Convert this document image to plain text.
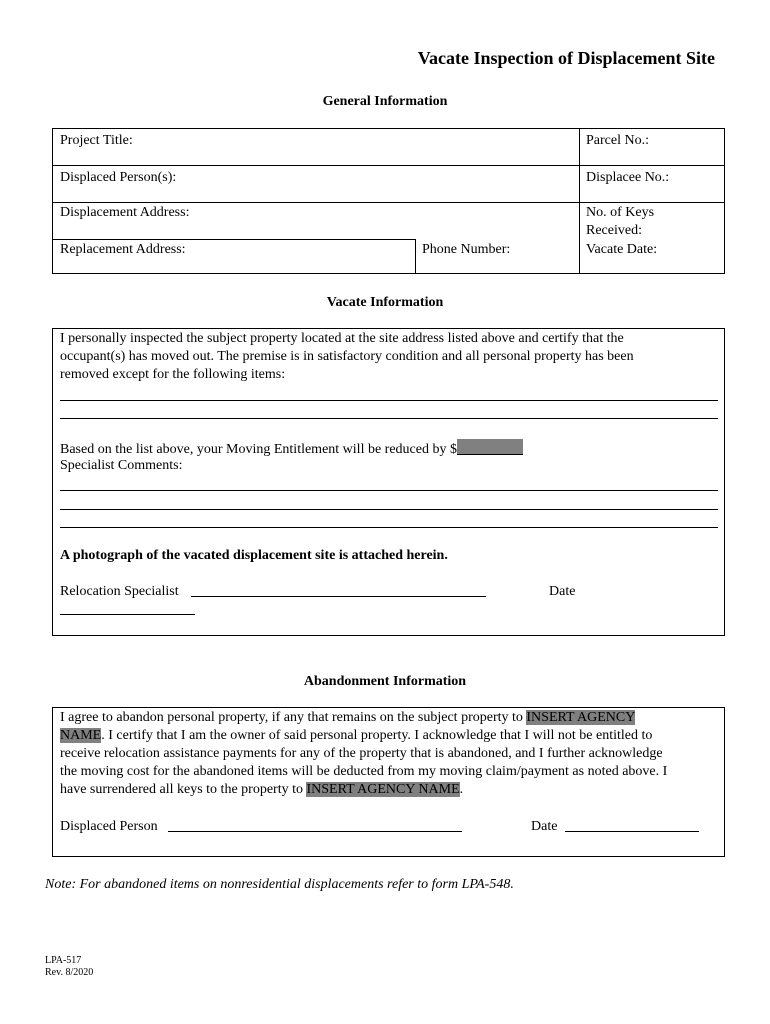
Vacate Inspection of Displacement Site
General Information
Project Title:	Parcel No.:
Displaced Person(s):	Displacee No.:
Displacement Address:	No. of Keys
Received:
Replacement Address:	Phone Number:	Vacate Date:
Vacate Information
I personally inspected the subject property located at the site address listed above and certify that the
occupant(s) has moved out. The premise is in satisfactory condition and all personal property has been
removed except for the following items:
Based on the list above, your Moving Entitlement will be reduced by $
Specialist Comments:
A photograph of the vacated displacement site is attached herein.
Relocation Specialist	Date
Abandonment Information
I agree to abandon personal property, if any that remains on the subject property to INSERT AGENCY
NAME. I certify that I am the owner of said personal property. I acknowledge that I will not be entitled to
receive relocation assistance payments for any of the property that is abandoned, and I further acknowledge
the moving cost for the abandoned items will be deducted from my moving claim/payment as noted above. I
have surrendered all keys to the property to INSERT AGENCY NAME.
Displaced Person	Date
Note: For abandoned items on nonresidential displacements refer to form LPA-548.
LPA-517
Rev. 8/2020
